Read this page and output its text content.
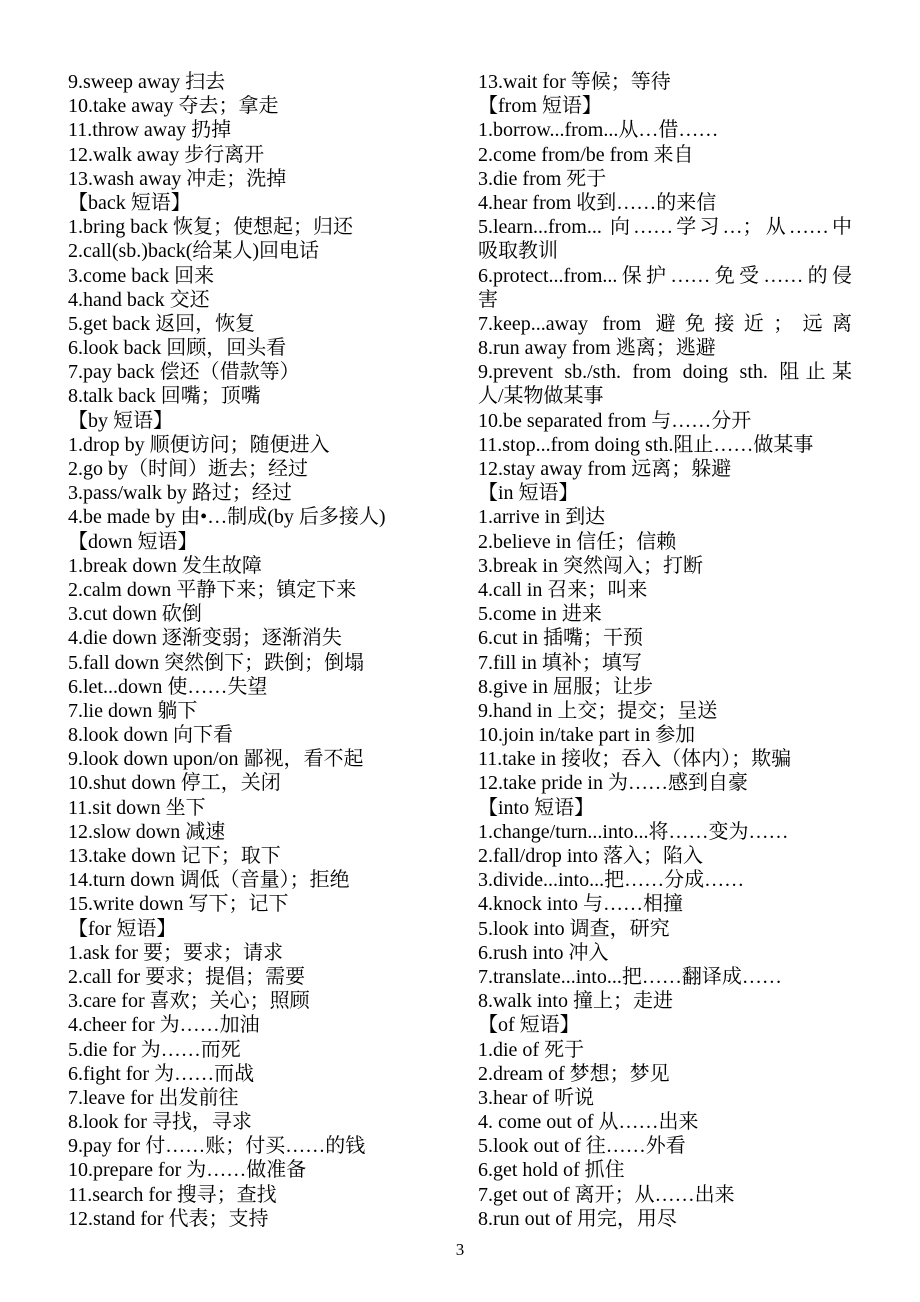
9.sweep away 扫去
10.take away 夺去；拿走
11.throw away 扔掉
12.walk away 步行离开
13.wash away 冲走；洗掉
【back 短语】
1.bring back 恢复；使想起；归还
2.call(sb.)back(给某人)回电话
3.come back 回来
4.hand back 交还
5.get back 返回，恢复
6.look back 回顾，回头看
7.pay back 偿还（借款等）
8.talk back 回嘴；顶嘴
【by 短语】
1.drop by 顺便访问；随便进入
2.go by（时间）逝去；经过
3.pass/walk by 路过；经过
4.be made by 由•…制成(by 后多接人)
【down 短语】
1.break down 发生故障
2.calm down 平静下来；镇定下来
3.cut down 砍倒
4.die down 逐渐变弱；逐渐消失
5.fall down 突然倒下；跌倒；倒塌
6.let...down 使……失望
7.lie down 躺下
8.look down 向下看
9.look down upon/on 鄙视，看不起
10.shut down 停工，关闭
11.sit down 坐下
12.slow down 减速
13.take down 记下；取下
14.turn down 调低（音量）；拒绝
15.write down 写下；记下
【for 短语】
1.ask for 要；要求；请求
2.call for 要求；提倡；需要
3.care for 喜欢；关心；照顾
4.cheer for 为……加油
5.die for 为……而死
6.fight for 为……而战
7.leave for 出发前往
8.look for 寻找，寻求
9.pay for 付……账；付买……的钱
10.prepare for 为……做准备
11.search for 搜寻；查找
12.stand for 代表；支持
13.wait for 等候；等待
【from 短语】
1.borrow...from...从…借……
2.come from/be from 来自
3.die from 死于
4.hear from 收到……的来信
5.learn...from... 向……学习…；从……中
吸取教训
6.protect...from...保护……免受……的侵
害
7.keep...away from 避免接近；远离
8.run away from 逃离；逃避
9.prevent sb./sth. from doing sth. 阻止某
人/某物做某事
10.be separated from 与……分开
11.stop...from doing sth.阻止……做某事
12.stay away from 远离；躲避
【in 短语】
1.arrive in 到达
2.believe in 信任；信赖
3.break in 突然闯入；打断
4.call in 召来；叫来
5.come in 进来
6.cut in 插嘴；干预
7.fill in 填补；填写
8.give in 屈服；让步
9.hand in 上交；提交；呈送
10.join in/take part in 参加
11.take in 接收；吞入（体内）；欺骗
12.take pride in 为……感到自豪
【into 短语】
1.change/turn...into...将……变为……
2.fall/drop into 落入；陷入
3.divide...into...把……分成……
4.knock into 与……相撞
5.look into 调查，研究
6.rush into 冲入
7.translate...into...把……翻译成……
8.walk into 撞上；走进
【of 短语】
1.die of 死于
2.dream of 梦想；梦见
3.hear of 听说
4. come out of 从……出来
5.look out of 往……外看
6.get hold of 抓住
7.get out of 离开；从……出来
8.run out of 用完，用尽
3
